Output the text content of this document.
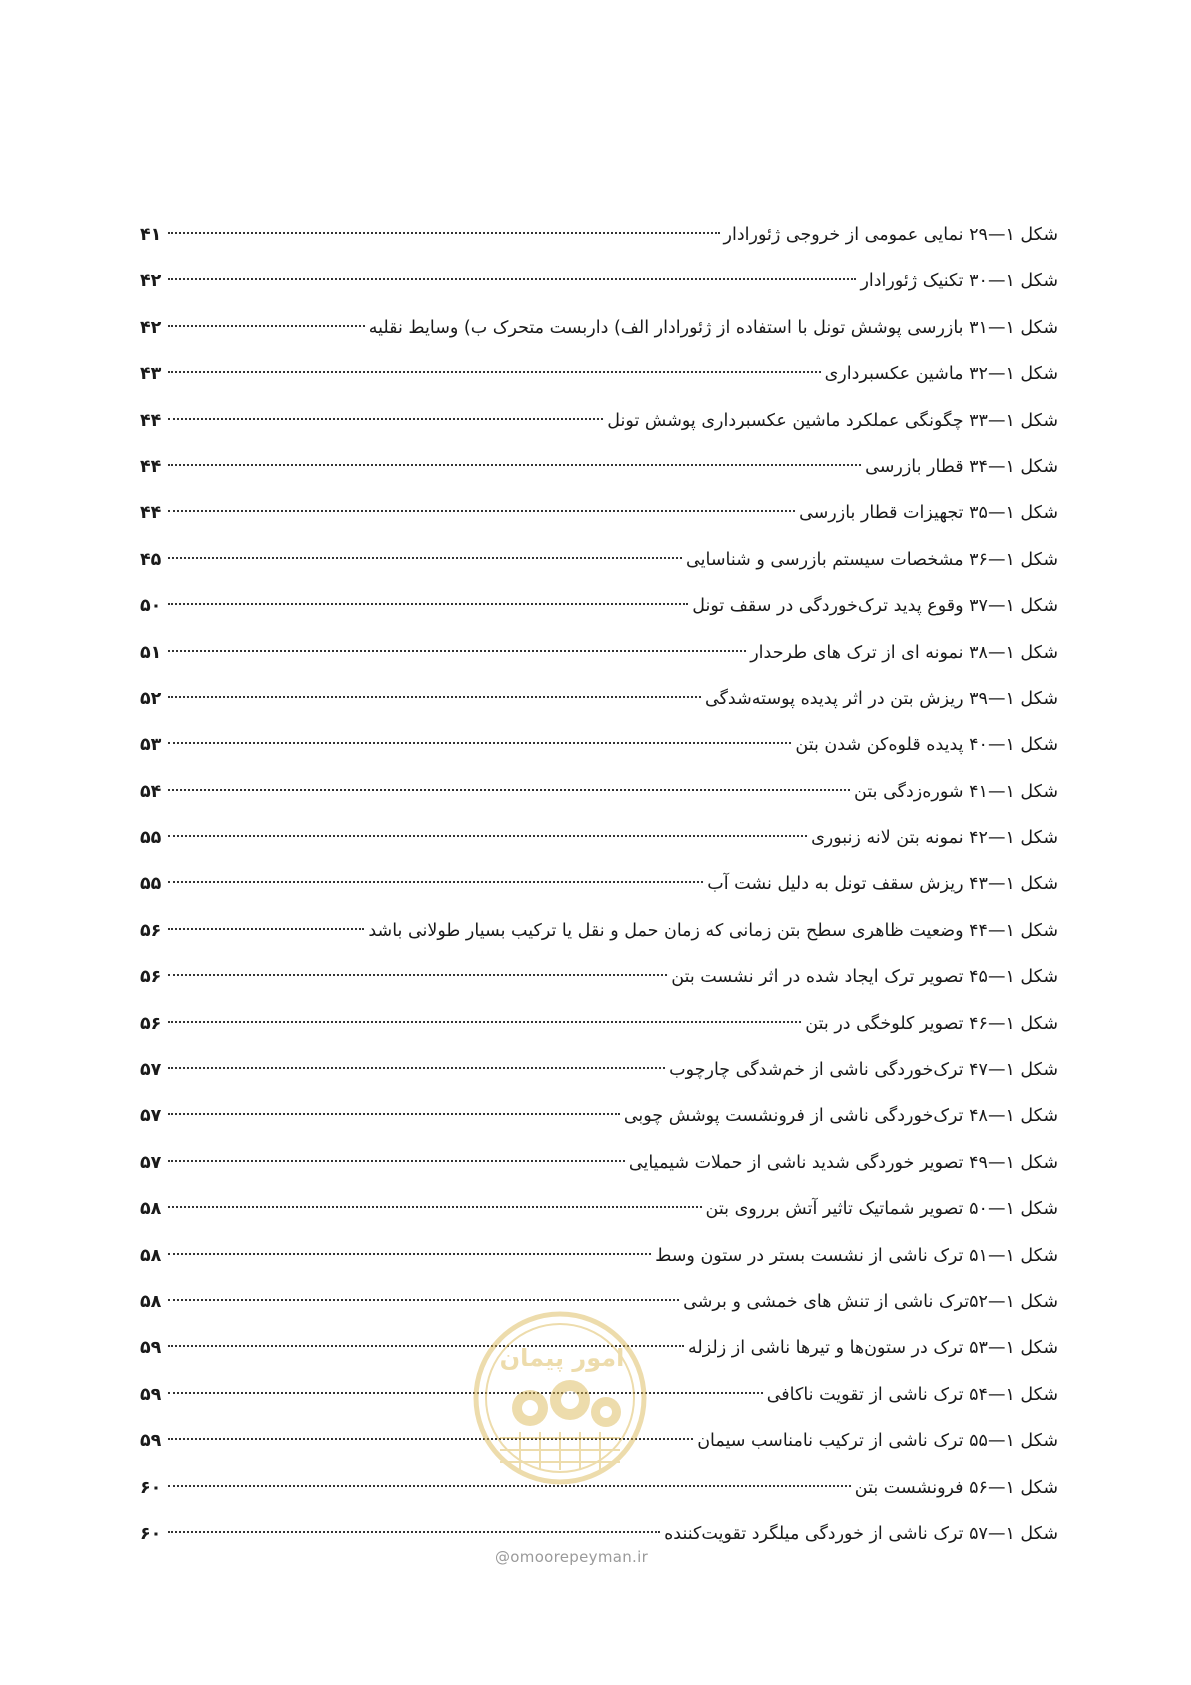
شکل ۱—۲۹ نمایی عمومی از خروجی ژئورادار
۴۱
شکل ۱—۳۰ تکنیک ژئورادار
۴۲
شکل ۱—۳۱ بازرسی پوشش تونل با استفاده از ژئورادار الف) داربست متحرک ب) وسایط نقلیه
۴۲
شکل ۱—۳۲ ماشین عکسبرداری
۴۳
شکل ۱—۳۳ چگونگی عملکرد ماشین عکسبرداری پوشش تونل
۴۴
شکل ۱—۳۴ قطار بازرسی
۴۴
شکل ۱—۳۵ تجهیزات قطار بازرسی
۴۴
شکل ۱—۳۶ مشخصات سیستم بازرسی و شناسایی
۴۵
شکل ۱—۳۷ وقوع پدید ترک‌خوردگی در سقف تونل
۵۰
شکل ۱—۳۸ نمونه ای از ترک های طرحدار
۵۱
شکل ۱—۳۹ ریزش بتن در اثر پدیده پوسته‌شدگی
۵۲
شکل ۱—۴۰ پدیده قلوه‌کن شدن بتن
۵۳
شکل ۱—۴۱ شوره‌زدگی بتن
۵۴
شکل ۱—۴۲ نمونه بتن لانه زنبوری
۵۵
شکل ۱—۴۳ ریزش سقف تونل به دلیل نشت آب
۵۵
شکل ۱—۴۴ وضعیت ظاهری سطح بتن زمانی که زمان حمل و نقل یا ترکیب بسیار طولانی باشد
۵۶
شکل ۱—۴۵ تصویر ترک ایجاد شده در اثر نشست بتن
۵۶
شکل ۱—۴۶ تصویر کلوخگی در بتن
۵۶
شکل ۱—۴۷ ترک‌خوردگی ناشی از خم‌شدگی چارچوب
۵۷
شکل ۱—۴۸ ترک‌خوردگی ناشی از فرونشست پوشش چوبی
۵۷
شکل ۱—۴۹ تصویر خوردگی شدید ناشی از حملات شیمیایی
۵۷
شکل ۱—۵۰ تصویر شماتیک تاثیر آتش برروی بتن
۵۸
شکل ۱—۵۱ ترک ناشی از نشست بستر در ستون وسط
۵۸
شکل ۱—۵۲ترک ناشی از تنش های خمشی و برشی
۵۸
شکل ۱—۵۳ ترک در ستون‌ها و تیرها ناشی از زلزله
۵۹
شکل ۱—۵۴ ترک ناشی از تقویت ناکافی
۵۹
شکل ۱—۵۵ ترک ناشی از ترکیب نامناسب سیمان
۵۹
شکل ۱—۵۶ فرونشست بتن
۶۰
شکل ۱—۵۷ ترک ناشی از خوردگی میلگرد تقویت‌کننده
۶۰
امور پیمان
@omoorepeyman.ir
